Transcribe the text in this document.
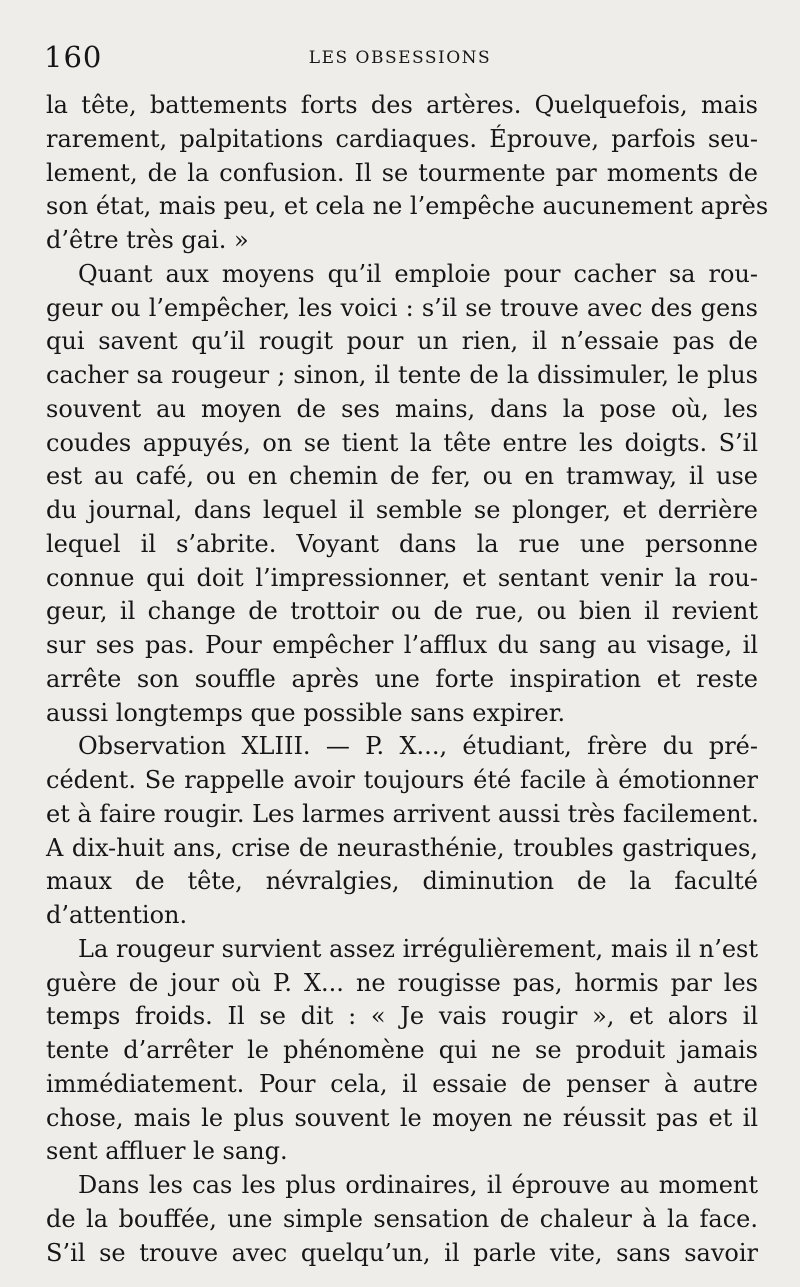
160	LES OBSESSIONS
la tête, battements forts des artères. Quelquefois, mais
rarement, palpitations cardiaques. Éprouve, parfois seu-
lement, de la confusion. Il se tourmente par moments de
son état, mais peu, et cela ne l’empêche aucunement après
d’être très gai. »
Quant aux moyens qu’il emploie pour cacher sa rou-
geur ou l’empêcher, les voici : s’il se trouve avec des gens
qui savent qu’il rougit pour un rien, il n’essaie pas de
cacher sa rougeur ; sinon, il tente de la dissimuler, le plus
souvent au moyen de ses mains, dans la pose où, les
coudes appuyés, on se tient la tête entre les doigts. S’il
est au café, ou en chemin de fer, ou en tramway, il use
du journal, dans lequel il semble se plonger, et derrière
lequel il s’abrite. Voyant dans la rue une personne
connue qui doit l’impressionner, et sentant venir la rou-
geur, il change de trottoir ou de rue, ou bien il revient
sur ses pas. Pour empêcher l’afflux du sang au visage, il
arrête son souffle après une forte inspiration et reste
aussi longtemps que possible sans expirer.
Observation XLIII. — P. X..., étudiant, frère du pré-
cédent. Se rappelle avoir toujours été facile à émotionner
et à faire rougir. Les larmes arrivent aussi très facilement.
A dix-huit ans, crise de neurasthénie, troubles gastriques,
maux de tête, névralgies, diminution de la faculté
d’attention.
La rougeur survient assez irrégulièrement, mais il n’est
guère de jour où P. X... ne rougisse pas, hormis par les
temps froids. Il se dit : « Je vais rougir », et alors il
tente d’arrêter le phénomène qui ne se produit jamais
immédiatement. Pour cela, il essaie de penser à autre
chose, mais le plus souvent le moyen ne réussit pas et il
sent affluer le sang.
Dans les cas les plus ordinaires, il éprouve au moment
de la bouffée, une simple sensation de chaleur à la face.
S’il se trouve avec quelqu’un, il parle vite, sans savoir
